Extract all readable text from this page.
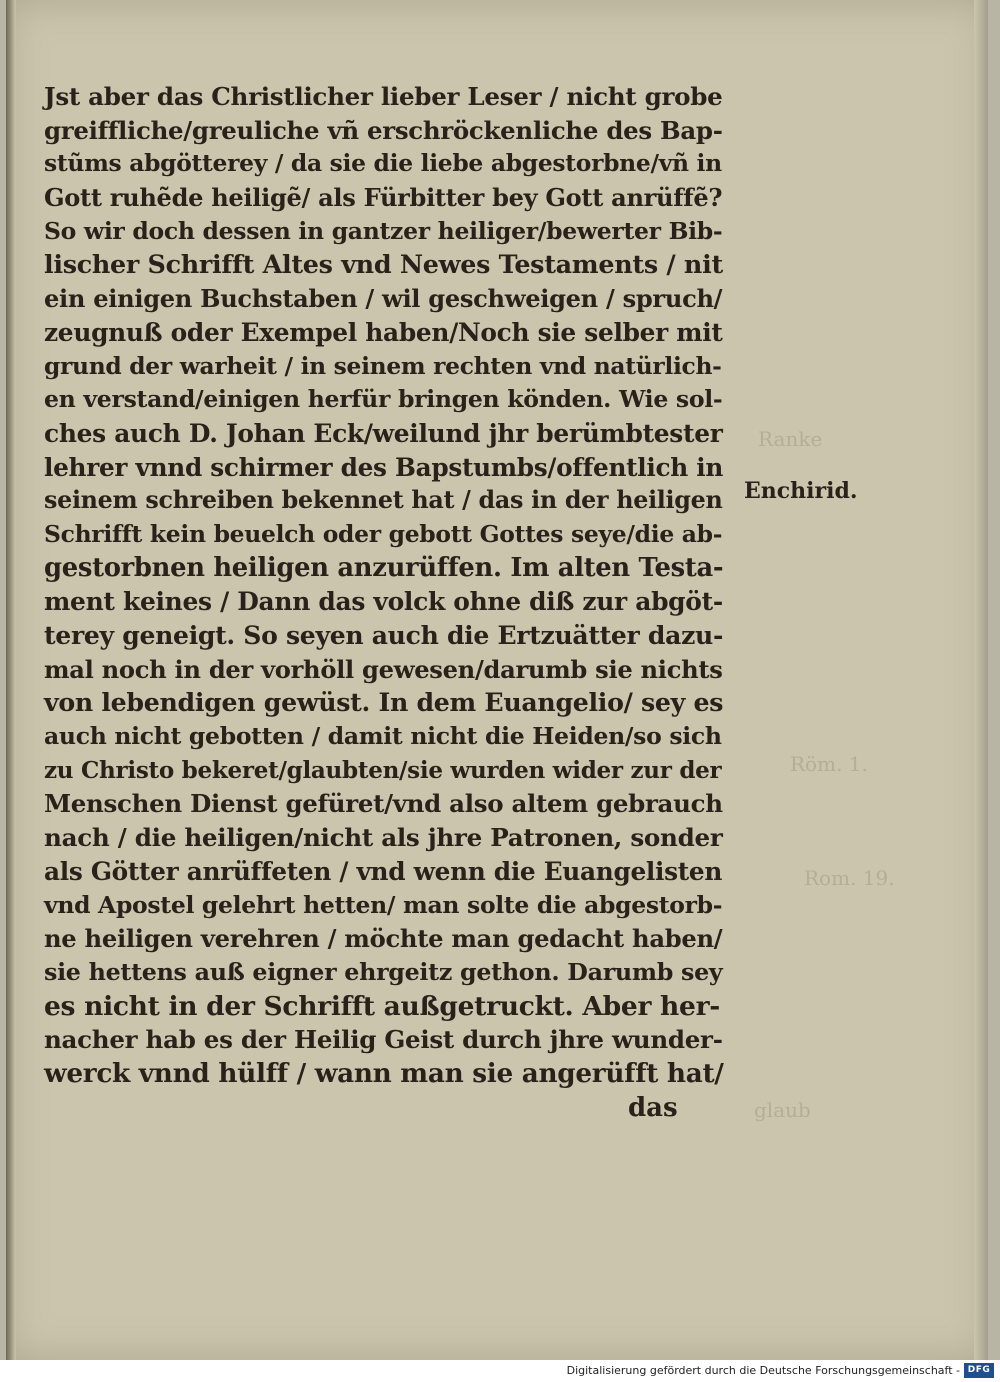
Ranke
Röm. 1.
Rom. 19.
glaub
Jst aber das Christlicher lieber Leser / nicht grobe
greiffliche/greuliche vñ erschröckenliche des Bap-
stũms abgötterey / da sie die liebe abgestorbne/vñ in
Gott ruhẽde heiligẽ/ als Fürbitter bey Gott anrüffẽ?
So wir doch dessen in gantzer heiliger/bewerter Bib-
lischer Schrifft Altes vnd Newes Testaments / nit
ein einigen Buchstaben / wil geschweigen / spruch/
zeugnuß oder Exempel haben/Noch sie selber mit
grund der warheit / in seinem rechten vnd natürlich-
en verstand/einigen herfür bringen könden. Wie sol-
ches auch D. Johan Eck/weilund jhr berümbtester
lehrer vnnd schirmer des Bapstumbs/offentlich in
seinem schreiben bekennet hat / das in der heiligen
Schrifft kein beuelch oder gebott Gottes seye/die ab-
gestorbnen heiligen anzurüffen. Im alten Testa-
ment keines / Dann das volck ohne diß zur abgöt-
terey geneigt. So seyen auch die Ertzuätter dazu-
mal noch in der vorhöll gewesen/darumb sie nichts
von lebendigen gewüst. In dem Euangelio/ sey es
auch nicht gebotten / damit nicht die Heiden/so sich
zu Christo bekeret/glaubten/sie wurden wider zur der
Menschen Dienst gefüret/vnd also altem gebrauch
nach / die heiligen/nicht als jhre Patronen, sonder
als Götter anrüffeten / vnd wenn die Euangelisten
vnd Apostel gelehrt hetten/ man solte die abgestorb-
ne heiligen verehren / möchte man gedacht haben/
sie hettens auß eigner ehrgeitz gethon. Darumb sey
es nicht in der Schrifft außgetruckt. Aber her-
nacher hab es der Heilig Geist durch jhre wunder-
werck vnnd hülff / wann man sie angerüfft hat/
das
Enchirid.
Digitalisierung gefördert durch die Deutsche Forschungsgemeinschaft - DFG
